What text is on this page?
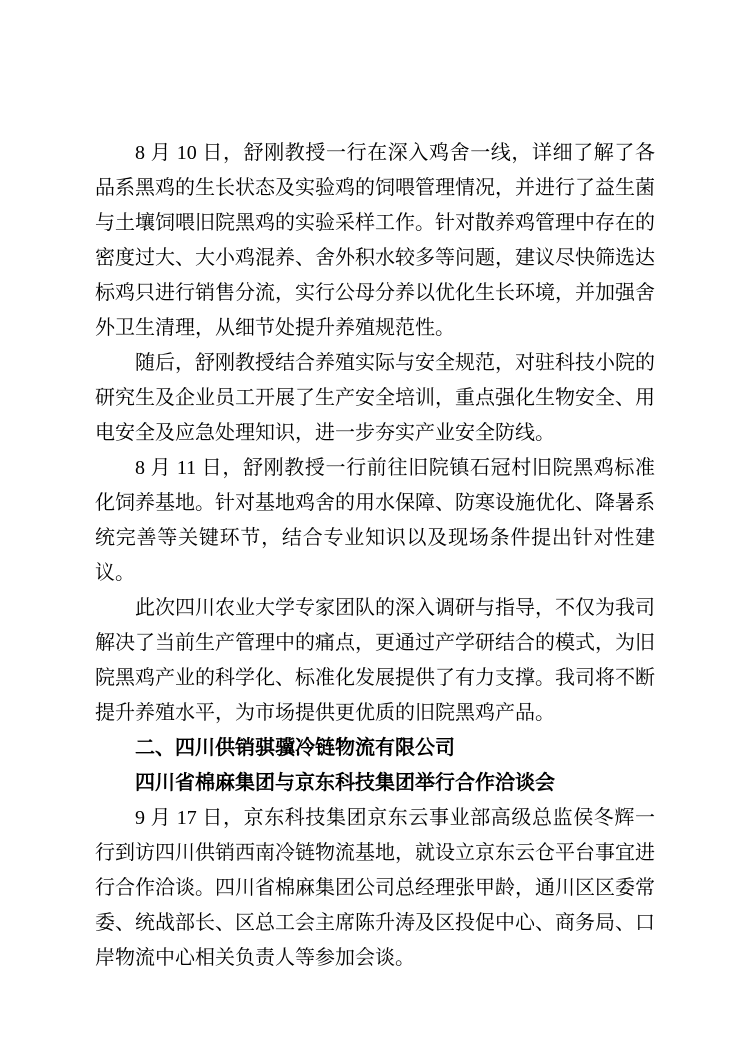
8 月 10 日，舒刚教授一行在深入鸡舍一线，详细了解了各品系黑鸡的生长状态及实验鸡的饲喂管理情况，并进行了益生菌与土壤饲喂旧院黑鸡的实验采样工作。针对散养鸡管理中存在的密度过大、大小鸡混养、舍外积水较多等问题，建议尽快筛选达标鸡只进行销售分流，实行公母分养以优化生长环境，并加强舍外卫生清理，从细节处提升养殖规范性。

随后，舒刚教授结合养殖实际与安全规范，对驻科技小院的研究生及企业员工开展了生产安全培训，重点强化生物安全、用电安全及应急处理知识，进一步夯实产业安全防线。

8 月 11 日，舒刚教授一行前往旧院镇石冠村旧院黑鸡标准化饲养基地。针对基地鸡舍的用水保障、防寒设施优化、降暑系统完善等关键环节，结合专业知识以及现场条件提出针对性建议。

此次四川农业大学专家团队的深入调研与指导，不仅为我司解决了当前生产管理中的痛点，更通过产学研结合的模式，为旧院黑鸡产业的科学化、标准化发展提供了有力支撑。我司将不断提升养殖水平，为市场提供更优质的旧院黑鸡产品。

二、四川供销骐骥冷链物流有限公司

四川省棉麻集团与京东科技集团举行合作洽谈会

9 月 17 日，京东科技集团京东云事业部高级总监侯冬辉一行到访四川供销西南冷链物流基地，就设立京东云仓平台事宜进行合作洽谈。四川省棉麻集团公司总经理张甲龄，通川区区委常委、统战部长、区总工会主席陈升涛及区投促中心、商务局、口岸物流中心相关负责人等参加会谈。
